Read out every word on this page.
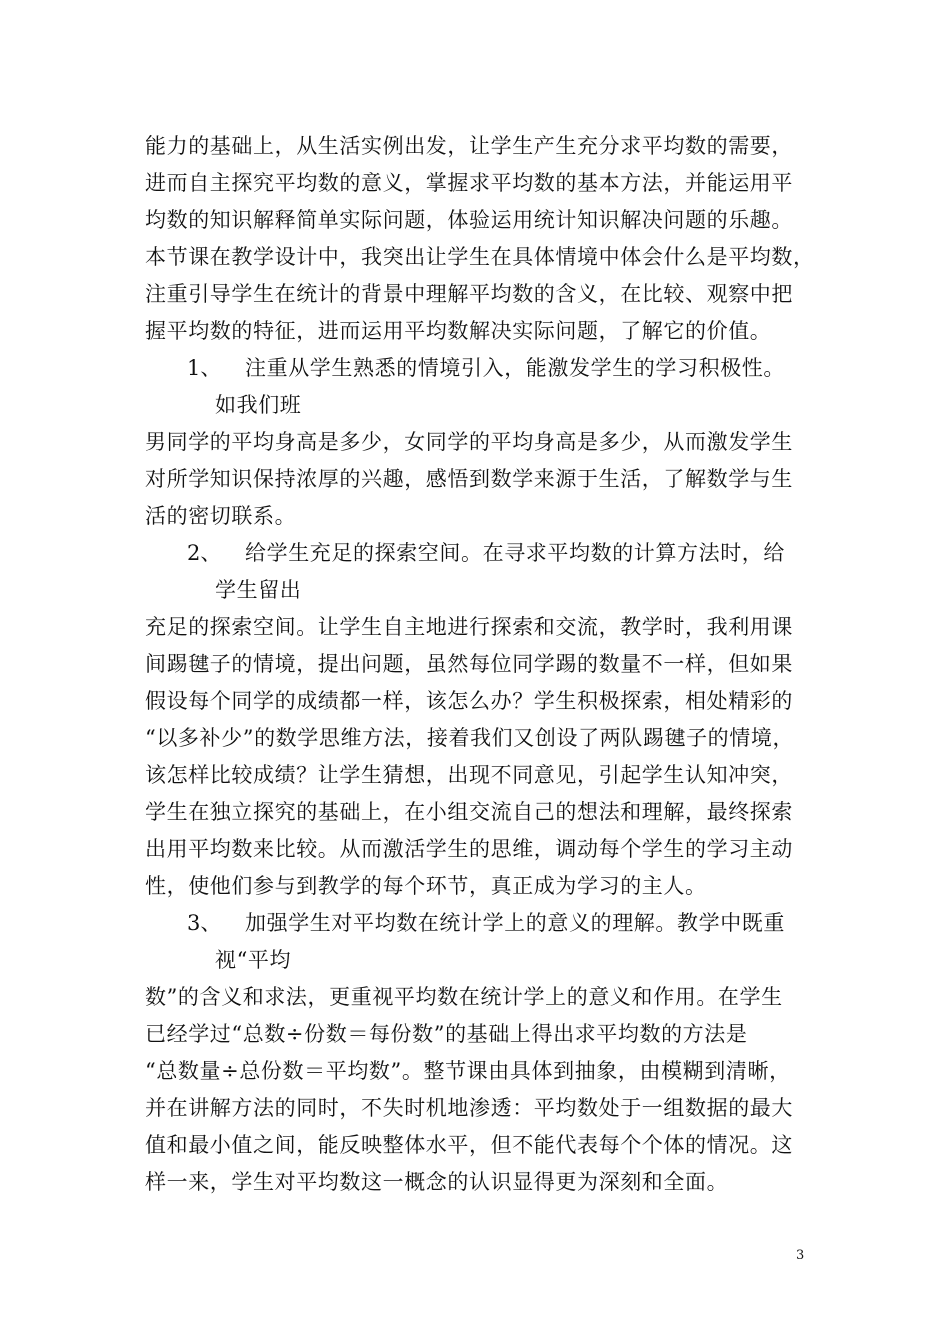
能力的基础上，从生活实例出发，让学生产生充分求平均数的需要，
进而自主探究平均数的意义，掌握求平均数的基本方法，并能运用平
均数的知识解释简单实际问题，体验运用统计知识解决问题的乐趣。
本节课在教学设计中，我突出让学生在具体情境中体会什么是平均数，
注重引导学生在统计的背景中理解平均数的含义，在比较、观察中把
握平均数的特征，进而运用平均数解决实际问题，了解它的价值。
1、 注重从学生熟悉的情境引入，能激发学生的学习积极性。
如我们班
男同学的平均身高是多少，女同学的平均身高是多少，从而激发学生
对所学知识保持浓厚的兴趣，感悟到数学来源于生活，了解数学与生
活的密切联系。
2、 给学生充足的探索空间。在寻求平均数的计算方法时，给
学生留出
充足的探索空间。让学生自主地进行探索和交流，教学时，我利用课
间踢毽子的情境，提出问题，虽然每位同学踢的数量不一样，但如果
假设每个同学的成绩都一样，该怎么办？学生积极探索，相处精彩的
“以多补少”的数学思维方法，接着我们又创设了两队踢毽子的情境，
该怎样比较成绩？让学生猜想，出现不同意见，引起学生认知冲突，
学生在独立探究的基础上，在小组交流自己的想法和理解，最终探索
出用平均数来比较。从而激活学生的思维，调动每个学生的学习主动
性，使他们参与到教学的每个环节，真正成为学习的主人。
3、 加强学生对平均数在统计学上的意义的理解。教学中既重
视“平均
数”的含义和求法，更重视平均数在统计学上的意义和作用。在学生
已经学过“总数÷份数＝每份数”的基础上得出求平均数的方法是
“总数量÷总份数＝平均数”。整节课由具体到抽象，由模糊到清晰，
并在讲解方法的同时，不失时机地渗透：平均数处于一组数据的最大
值和最小值之间，能反映整体水平，但不能代表每个个体的情况。这
样一来，学生对平均数这一概念的认识显得更为深刻和全面。
3
